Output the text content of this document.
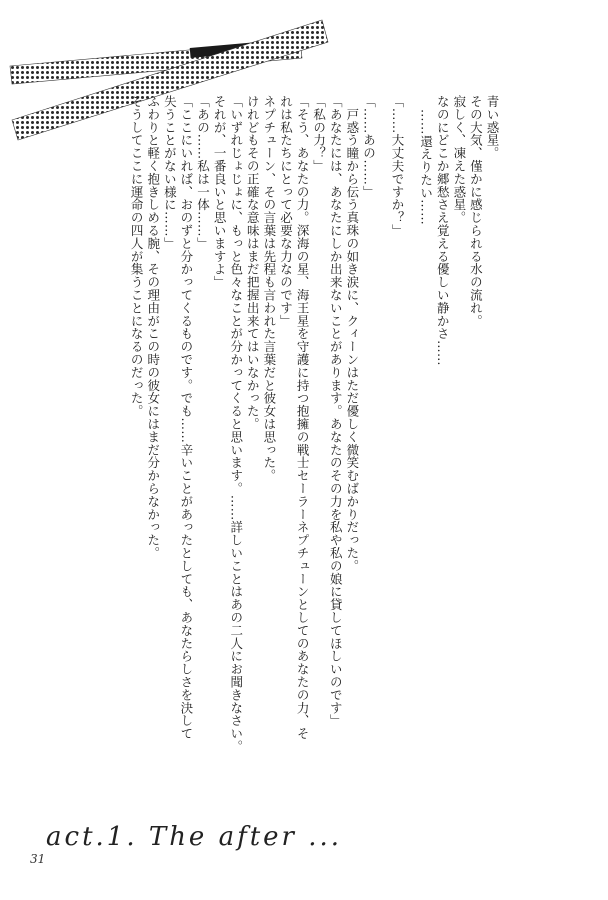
青い惑星。

その大気、僅かに感じられる水の流れ。

寂しく、凍えた惑星。

なのにどこか郷愁さえ覚える優しい静かさ……

……還えりたい……

「……大丈夫ですか？」

「……あの……」

　戸惑う瞳から伝う真珠の如き涙に、クィーンはただ優しく微笑むばかりだった。

「あなたには、あなたにしか出来ないことがあります。あなたのその力を私や私の娘に貸してほしいのです」

「私の力？」

「そう、あなたの力。深海の星、海王星を守護に持つ抱擁の戦士セーラーネプチューンとしてのあなたの力、そ

れは私たちにとって必要な力なのです」

ネプチューン、その言葉は先程も言われた言葉だと彼女は思った。

けれどもその正確な意味はまだ把握出来てはいなかった。

「いずれじょじょに、もっと色々なことが分かってくると思います。……詳しいことはあの二人にお聞きなさい。

それが、一番良いと思いますよ」

「あの……私は一体……」

「ここにいれば、おのずと分かってくるものです。でも……辛いことがあったとしても、あなたらしさを決して

失うことがない様に……」

ふわりと軽く抱きしめる腕、その理由がこの時の彼女にはまだ分からなかった。

そうしてここに運命の四人が集うことになるのだった。

act.1. The after ...
31
